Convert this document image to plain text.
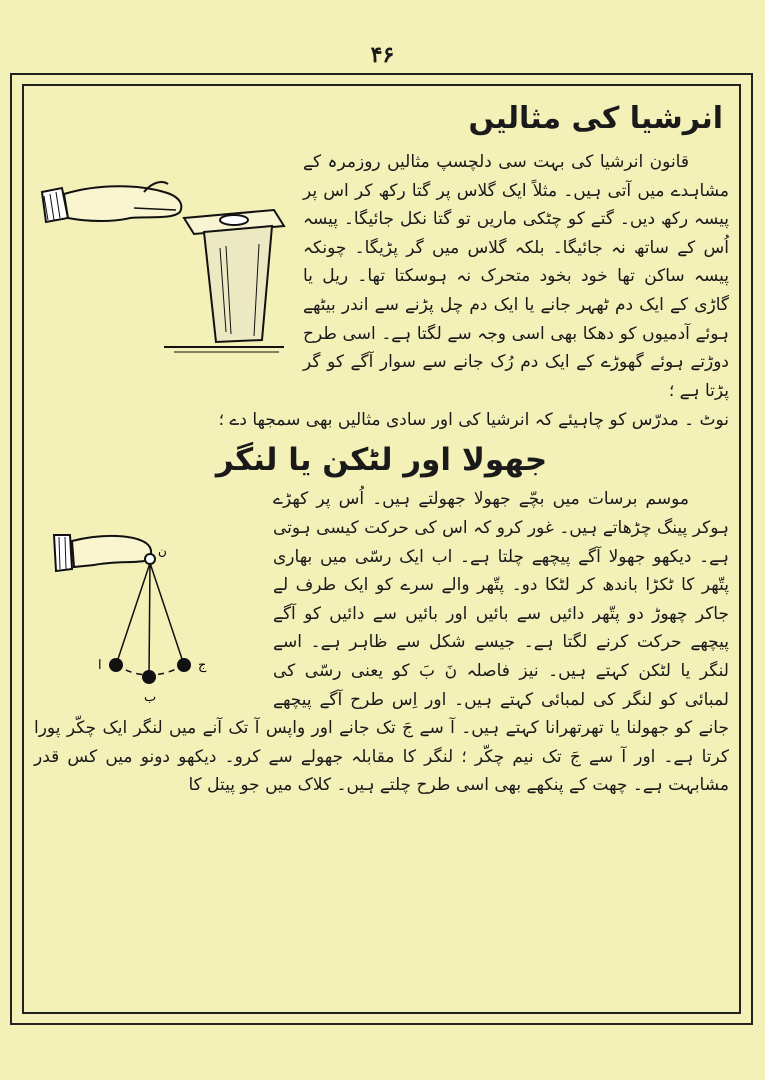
۴۶
انرشیا کی مثالیں

قانون انرشیا کی بہت سی دلچسپ مثالیں روزمرہ کے مشاہدے میں آتی ہیں۔ مثلاً ایک گلاس پر گتا رکھ کر اس پر پیسہ رکھ دیں۔ گتے کو چٹکی ماریں تو گتا نکل جائیگا۔ پیسہ اُس کے ساتھ نہ جائیگا۔ بلکہ گلاس میں گر پڑیگا۔ چونکہ پیسہ ساکن تھا خود بخود متحرک نہ ہوسکتا تھا۔ ریل یا گاڑی کے ایک دم ٹھہر جانے یا ایک دم چل پڑنے سے اندر بیٹھے ہوئے آدمیوں کو دھکا بھی اسی وجہ سے لگتا ہے۔ اسی طرح دوڑتے ہوئے گھوڑے کے ایک دم رُک جانے سے سوار آگے کو گر پڑتا ہے ؛

نوٹ ۔ مدرّس کو چاہیئے کہ انرشیا کی اور سادی مثالیں بھی سمجھا دے ؛

جھولا اور لٹکن یا لنگر
ن
ا
ب
ج

موسم برسات میں بچّے جھولا جھولتے ہیں۔ اُس پر کھڑے ہوکر پینگ چڑھاتے ہیں۔ غور کرو کہ اس کی حرکت کیسی ہوتی ہے۔ دیکھو جھولا آگے پیچھے چلتا ہے۔ اب ایک رسّی میں بھاری پتّھر کا ٹکڑا باندھ کر لٹکا دو۔ پتّھر والے سرے کو ایک طرف لے جاکر چھوڑ دو پتّھر دائیں سے بائیں اور بائیں سے دائیں کو آگے پیچھے حرکت کرنے لگتا ہے۔ جیسے شکل سے ظاہر ہے۔ اسے لنگر یا لٹکن کہتے ہیں۔ نیز فاصلہ نَ بَ کو یعنی رسّی کی لمبائی کو لنگر کی لمبائی کہتے ہیں۔ اور اِس طرح آگے پیچھے جانے کو جھولنا یا تھرتھرانا کہتے ہیں۔ آ سے جَ تک جانے اور واپس آ تک آنے میں لنگر ایک چکّر پورا کرتا ہے۔ اور آ سے جَ تک نیم چکّر ؛ لنگر کا مقابلہ جھولے سے کرو۔ دیکھو دونو میں کس قدر مشابہت ہے۔ چھت کے پنکھے بھی اسی طرح چلتے ہیں۔ کلاک میں جو پیتل کا
